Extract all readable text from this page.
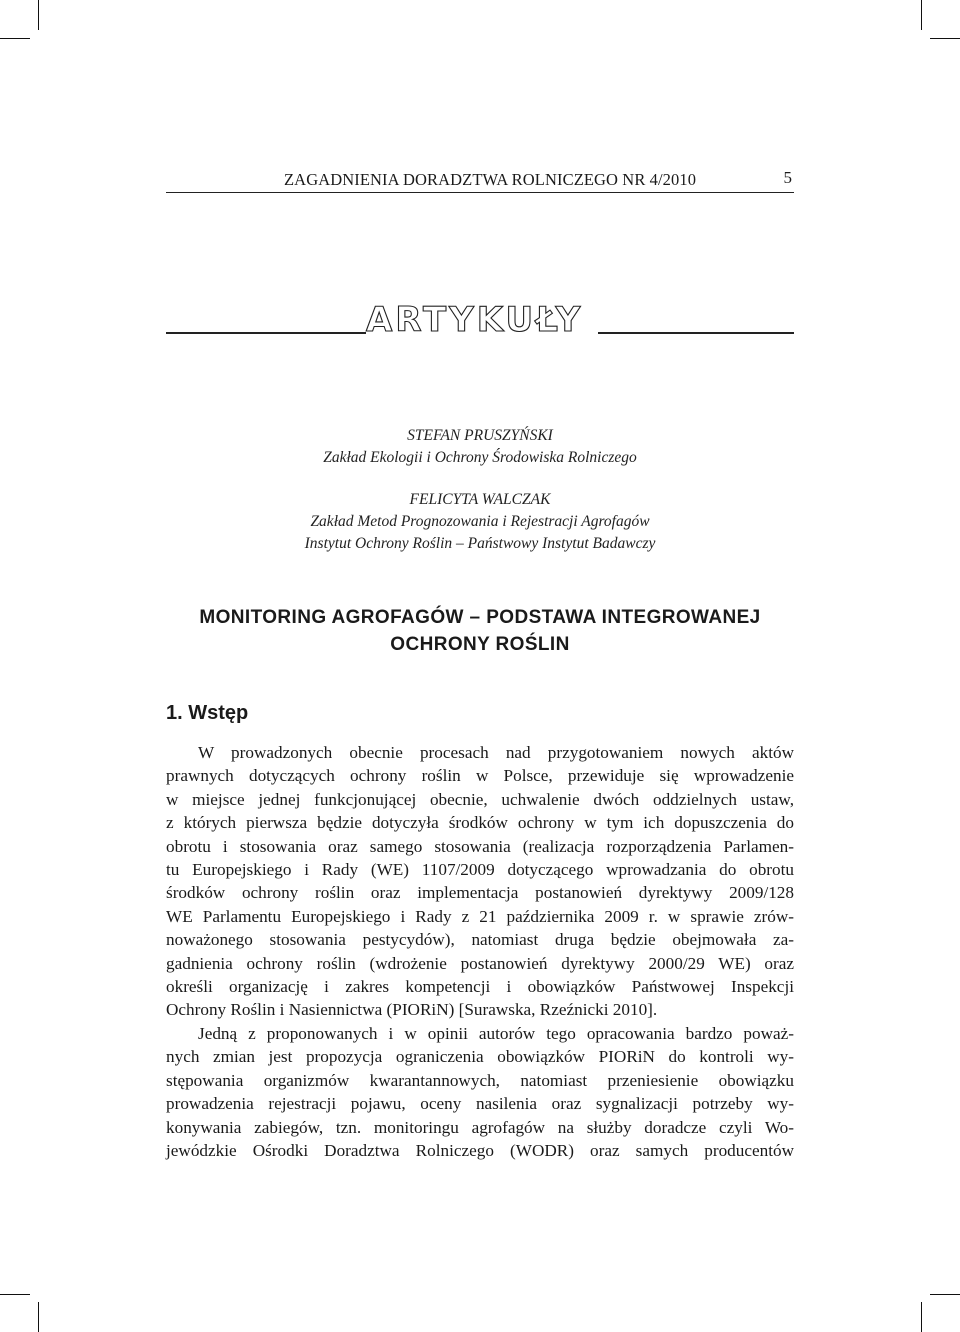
ZAGADNIENIA DORADZTWA ROLNICZEGO NR 4/2010	5
ARTYKUŁY
STEFAN PRUSZYŃSKI
Zakład Ekologii i Ochrony Środowiska Rolniczego
FELICYTA WALCZAK
Zakład Metod Prognozowania i Rejestracji Agrofagów
Instytut Ochrony Roślin – Państwowy Instytut Badawczy
MONITORING AGROFAGÓW – PODSTAWA INTEGROWANEJ
OCHRONY ROŚLIN
1. Wstęp
W prowadzonych obecnie procesach nad przygotowaniem nowych aktów
prawnych dotyczących ochrony roślin w Polsce, przewiduje się wprowadzenie
w miejsce jednej funkcjonującej obecnie, uchwalenie dwóch oddzielnych ustaw,
z których pierwsza będzie dotyczyła środków ochrony w tym ich dopuszczenia do
obrotu i stosowania oraz samego stosowania (realizacja rozporządzenia Parlamen-
tu Europejskiego i Rady (WE) 1107/2009 dotyczącego wprowadzania do obrotu
środków ochrony roślin oraz implementacja postanowień dyrektywy 2009/128
WE Parlamentu Europejskiego i Rady z 21 października 2009 r. w sprawie zrów-
noważonego stosowania pestycydów), natomiast druga będzie obejmowała za-
gadnienia ochrony roślin (wdrożenie postanowień dyrektywy 2000/29 WE) oraz
określi organizację i zakres kompetencji i obowiązków Państwowej Inspekcji
Ochrony Roślin i Nasiennictwa (PIORiN) [Surawska, Rzeźnicki 2010].
Jedną z proponowanych i w opinii autorów tego opracowania bardzo poważ-
nych zmian jest propozycja ograniczenia obowiązków PIORiN do kontroli wy-
stępowania organizmów kwarantannowych, natomiast przeniesienie obowiązku
prowadzenia rejestracji pojawu, oceny nasilenia oraz sygnalizacji potrzeby wy-
konywania zabiegów, tzn. monitoringu agrofagów na służby doradcze czyli Wo-
jewódzkie Ośrodki Doradztwa Rolniczego (WODR) oraz samych producentów
